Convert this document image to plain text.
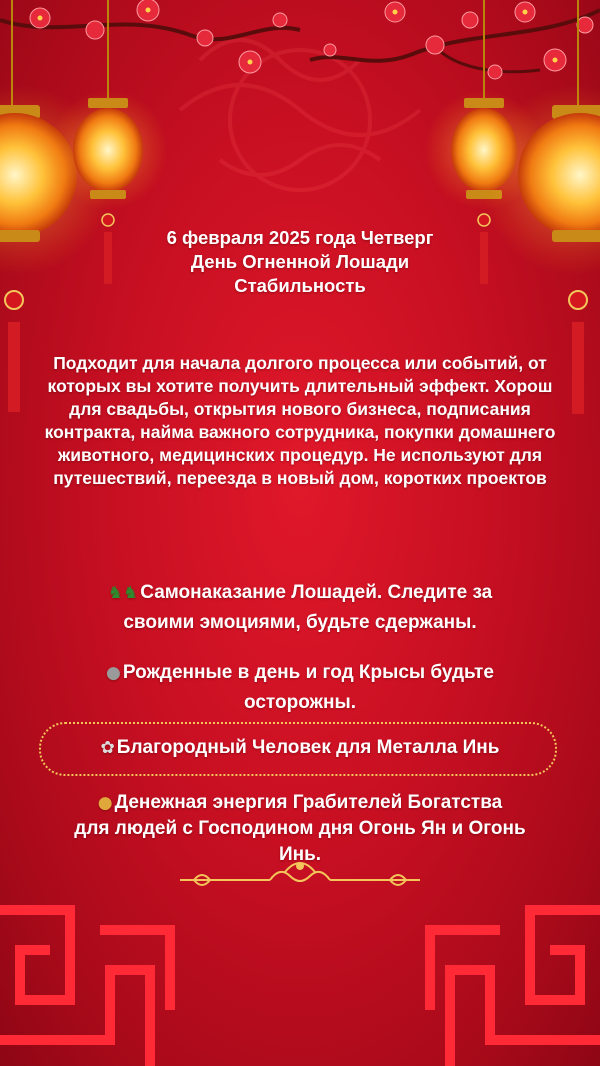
6 февраля 2025 года Четверг
День Огненной Лошади
Стабильность
Подходит для начала долгого процесса или событий, от которых вы хотите получить длительный эффект. Хорош для свадьбы, открытия нового бизнеса, подписания контракта, найма важного сотрудника, покупки домашнего животного, медицинских процедур. Не используют для путешествий, переезда в новый дом, коротких проектов
♞♞ Самонаказание Лошадей. Следите за
своими эмоциями, будьте сдержаны.
● Рожденные в день и год Крысы будьте
осторожны.
✿ Благородный Человек для Металла Инь
● Денежная энергия Грабителей Богатства
для людей с Господином дня Огонь Ян и Огонь
Инь.
